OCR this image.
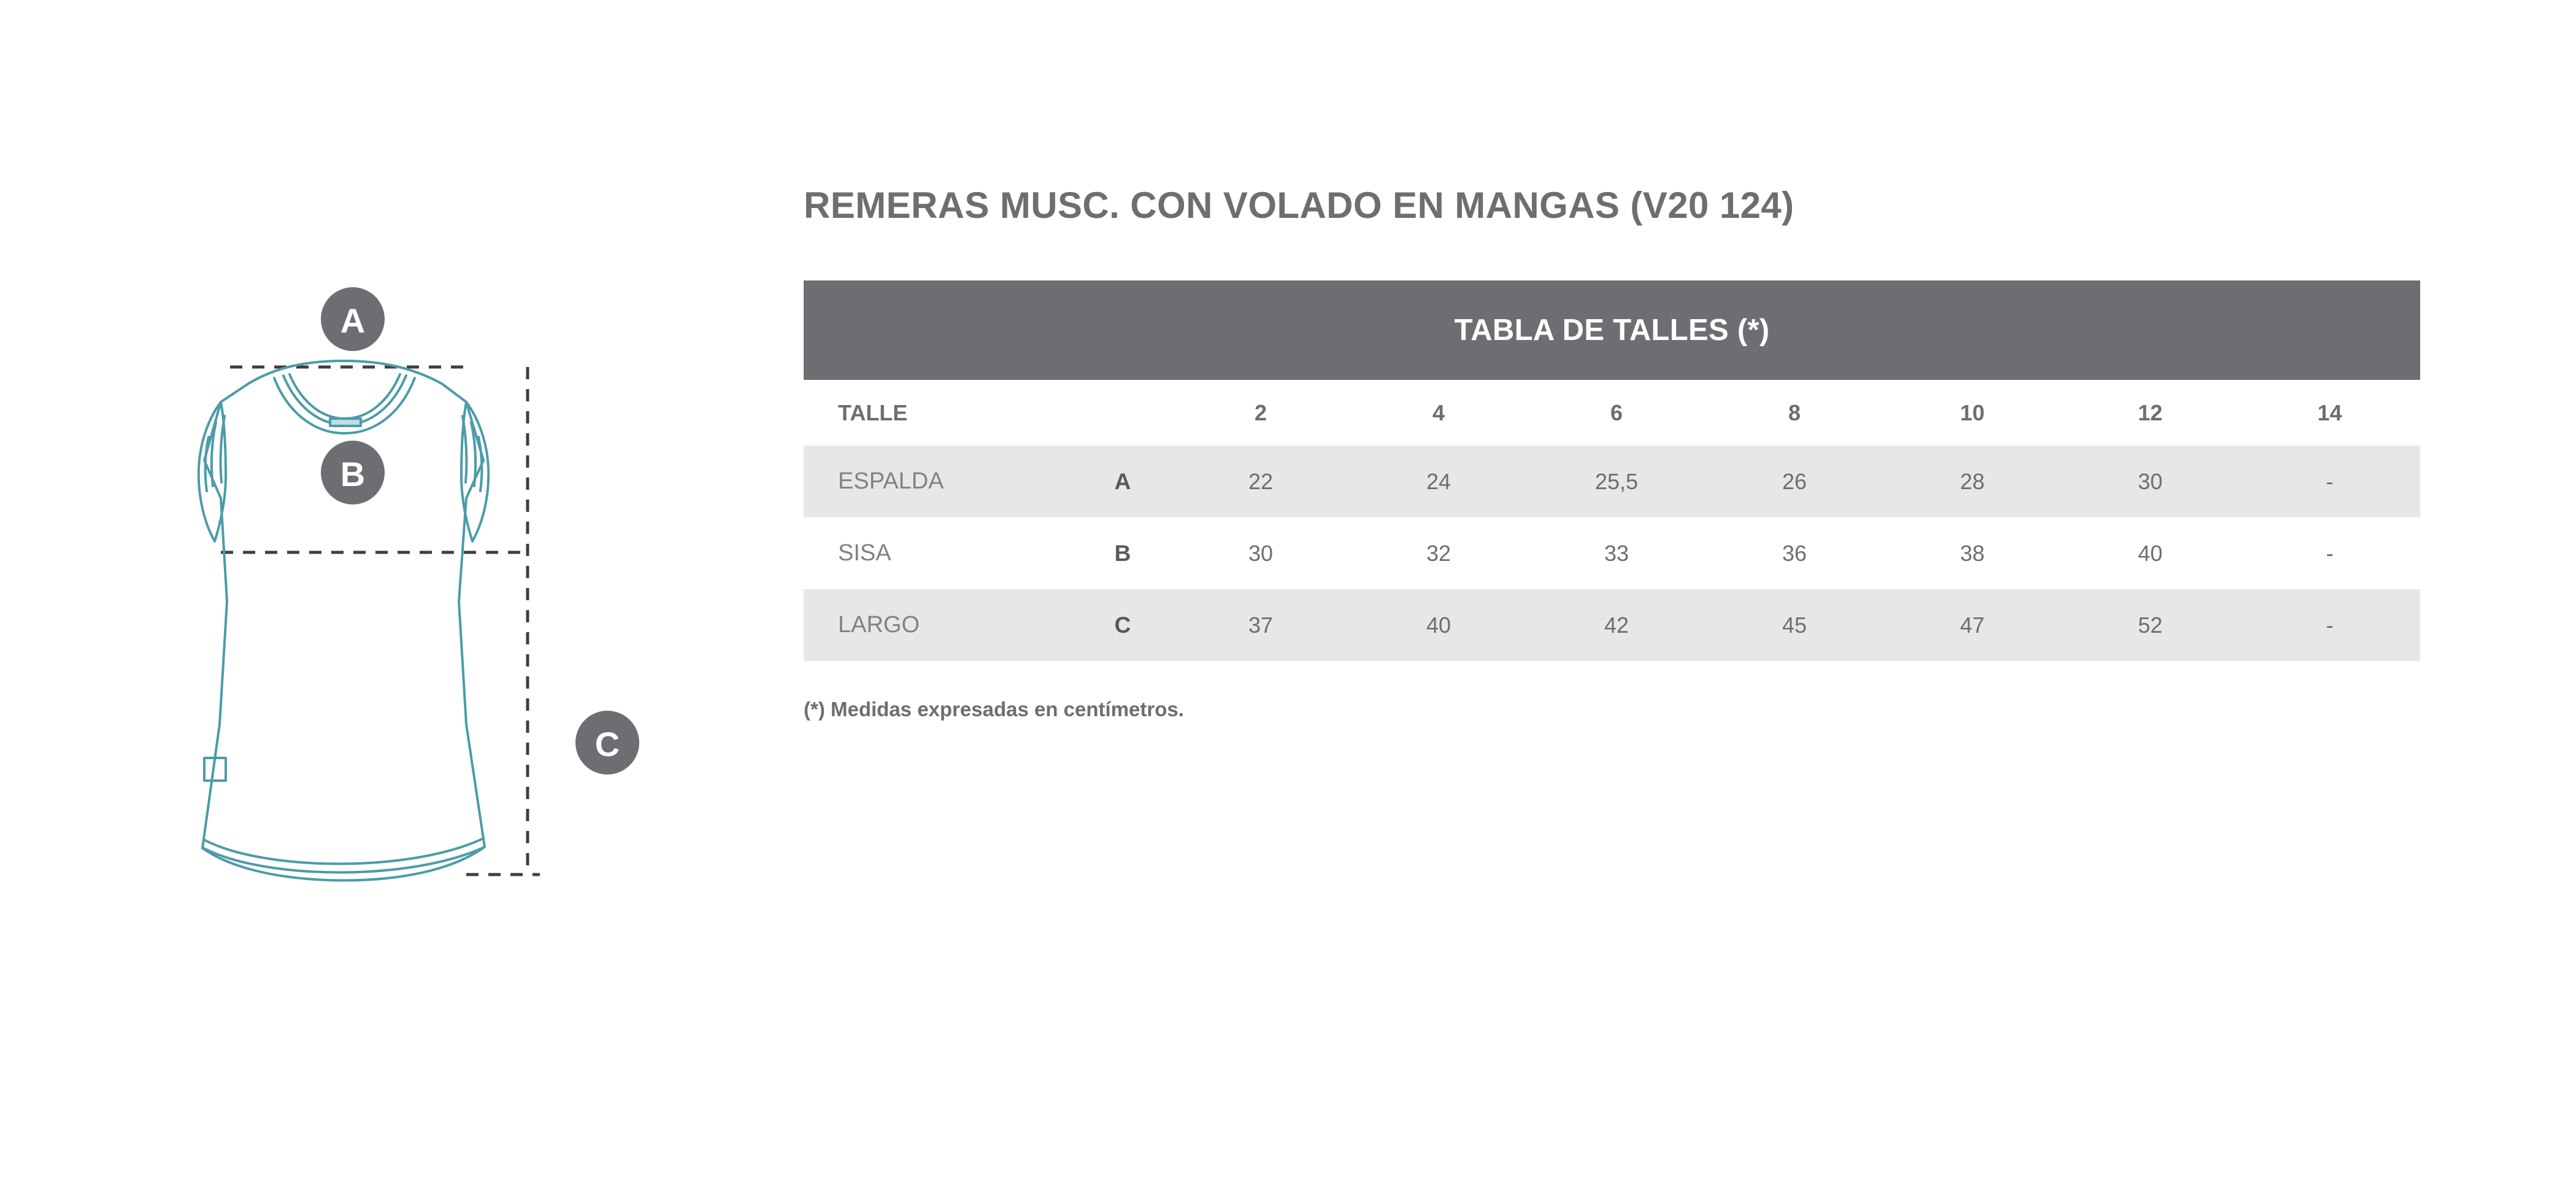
A
B
C
REMERAS MUSC. CON VOLADO EN MANGAS (V20 124)
TABLA DE TALLES (*)								
TALLE		2	4	6	8	10	12	14
ESPALDA	A	22	24	25,5	26	28	30	-
SISA	B	30	32	33	36	38	40	-
LARGO	C	37	40	42	45	47	52	-
(*) Medidas expresadas en centímetros.
